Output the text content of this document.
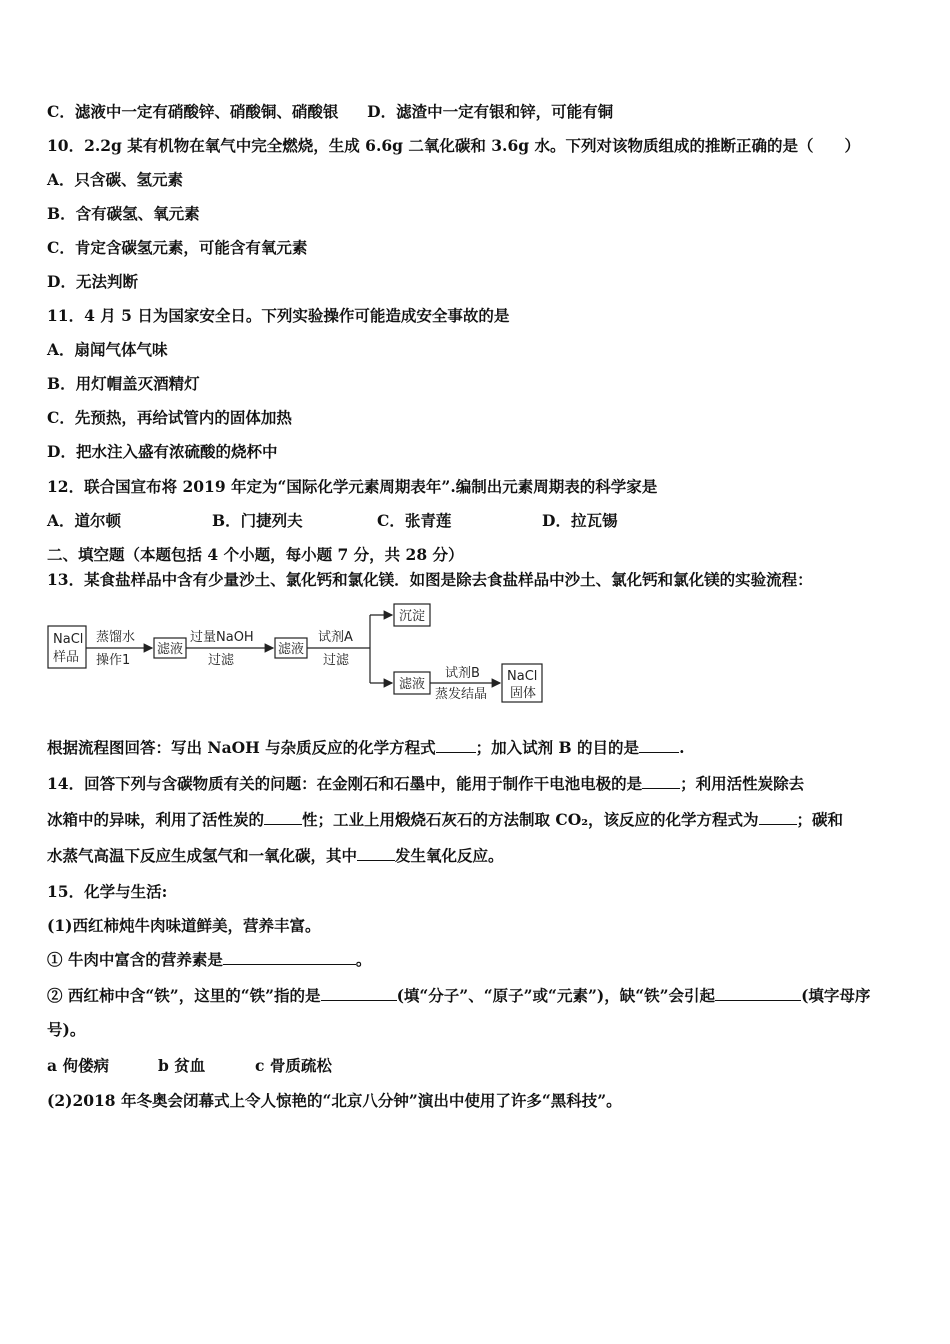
C．滤液中一定有硝酸锌、硝酸铜、硝酸银 D．滤渣中一定有银和锌，可能有铜
10．2.2g 某有机物在氧气中完全燃烧，生成 6.6g 二氧化碳和 3.6g 水。下列对该物质组成的推断正确的是（　　）
A．只含碳、氢元素
B．含有碳氢、氧元素
C．肯定含碳氢元素，可能含有氧元素
D．无法判断
11．4 月 5 日为国家安全日。下列实验操作可能造成安全事故的是
A．扇闻气体气味
B．用灯帽盖灭酒精灯
C．先预热，再给试管内的固体加热
D．把水注入盛有浓硫酸的烧杯中
12．联合国宣布将 2019 年定为“国际化学元素周期表年”.编制出元素周期表的科学家是
A．道尔顿	B．门捷列夫	C．张青莲	D．拉瓦锡
二、填空题（本题包括 4 个小题，每小题 7 分，共 28 分）
13．某食盐样品中含有少量沙土、氯化钙和氯化镁．如图是除去食盐样品中沙土、氯化钙和氯化镁的实验流程：
NaCl
样品
蒸馏水
操作1
滤液
过量NaOH
过滤
滤液
试剂A
过滤
沉淀
滤液
试剂B
蒸发结晶
NaCl
固体
根据流程图回答：写出 NaOH 与杂质反应的化学方程式	；加入试剂 B 的目的是	.
14．回答下列与含碳物质有关的问题：在金刚石和石墨中，能用于制作干电池电极的是 ；利用活性炭除去
冰箱中的异味，利用了活性炭的 性；工业上用煅烧石灰石的方法制取 CO₂，该反应的化学方程式为 ；碳和
水蒸气高温下反应生成氢气和一氧化碳，其中 发生氧化反应。
15．化学与生活:
(1)西红柿炖牛肉味道鲜美，营养丰富。
① 牛肉中富含的营养素是	。
② 西红柿中含“铁”，这里的“铁”指的是	(填“分子”、“原子”或“元素”)，缺“铁”会引起	(填字母序
号)。
a 佝偻病	b 贫血	c 骨质疏松
(2)2018 年冬奥会闭幕式上令人惊艳的“北京八分钟”演出中使用了许多“黑科技”。
